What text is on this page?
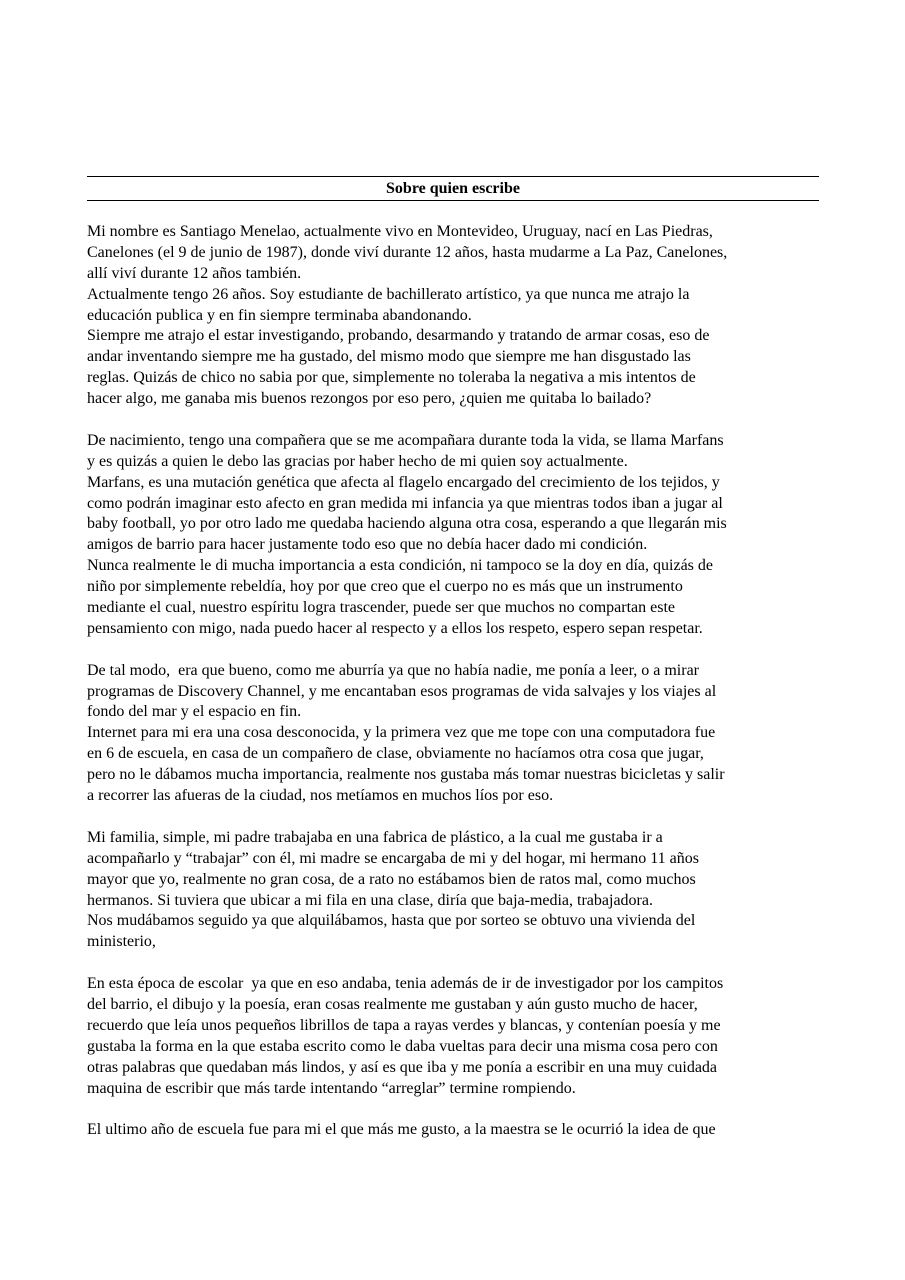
Sobre quien escribe
Mi nombre es Santiago Menelao, actualmente vivo en Montevideo, Uruguay, nací en Las Piedras,
Canelones (el 9 de junio de 1987), donde viví durante 12 años, hasta mudarme a La Paz, Canelones,
allí viví durante 12 años también.
Actualmente tengo 26 años. Soy estudiante de bachillerato artístico, ya que nunca me atrajo la
educación publica y en fin siempre terminaba abandonando.
Siempre me atrajo el estar investigando, probando, desarmando y tratando de armar cosas, eso de
andar inventando siempre me ha gustado, del mismo modo que siempre me han disgustado las
reglas. Quizás de chico no sabia por que, simplemente no toleraba la negativa a mis intentos de
hacer algo, me ganaba mis buenos rezongos por eso pero, ¿quien me quitaba lo bailado?
De nacimiento, tengo una compañera que se me acompañara durante toda la vida, se llama Marfans
y es quizás a quien le debo las gracias por haber hecho de mi quien soy actualmente.
Marfans, es una mutación genética que afecta al flagelo encargado del crecimiento de los tejidos, y
como podrán imaginar esto afecto en gran medida mi infancia ya que mientras todos iban a jugar al
baby football, yo por otro lado me quedaba haciendo alguna otra cosa, esperando a que llegarán mis
amigos de barrio para hacer justamente todo eso que no debía hacer dado mi condición.
Nunca realmente le di mucha importancia a esta condición, ni tampoco se la doy en día, quizás de
niño por simplemente rebeldía, hoy por que creo que el cuerpo no es más que un instrumento
mediante el cual, nuestro espíritu logra trascender, puede ser que muchos no compartan este
pensamiento con migo, nada puedo hacer al respecto y a ellos los respeto, espero sepan respetar.
De tal modo,  era que bueno, como me aburría ya que no había nadie, me ponía a leer, o a mirar
programas de Discovery Channel, y me encantaban esos programas de vida salvajes y los viajes al
fondo del mar y el espacio en fin.
Internet para mi era una cosa desconocida, y la primera vez que me tope con una computadora fue
en 6 de escuela, en casa de un compañero de clase, obviamente no hacíamos otra cosa que jugar,
pero no le dábamos mucha importancia, realmente nos gustaba más tomar nuestras bicicletas y salir
a recorrer las afueras de la ciudad, nos metíamos en muchos líos por eso.
Mi familia, simple, mi padre trabajaba en una fabrica de plástico, a la cual me gustaba ir a
acompañarlo y “trabajar” con él, mi madre se encargaba de mi y del hogar, mi hermano 11 años
mayor que yo, realmente no gran cosa, de a rato no estábamos bien de ratos mal, como muchos
hermanos. Si tuviera que ubicar a mi fila en una clase, diría que baja-media, trabajadora.
Nos mudábamos seguido ya que alquilábamos, hasta que por sorteo se obtuvo una vivienda del
ministerio,
En esta época de escolar  ya que en eso andaba, tenia además de ir de investigador por los campitos
del barrio, el dibujo y la poesía, eran cosas realmente me gustaban y aún gusto mucho de hacer,
recuerdo que leía unos pequeños librillos de tapa a rayas verdes y blancas, y contenían poesía y me
gustaba la forma en la que estaba escrito como le daba vueltas para decir una misma cosa pero con
otras palabras que quedaban más lindos, y así es que iba y me ponía a escribir en una muy cuidada
maquina de escribir que más tarde intentando “arreglar” termine rompiendo.
El ultimo año de escuela fue para mi el que más me gusto, a la maestra se le ocurrió la idea de que
